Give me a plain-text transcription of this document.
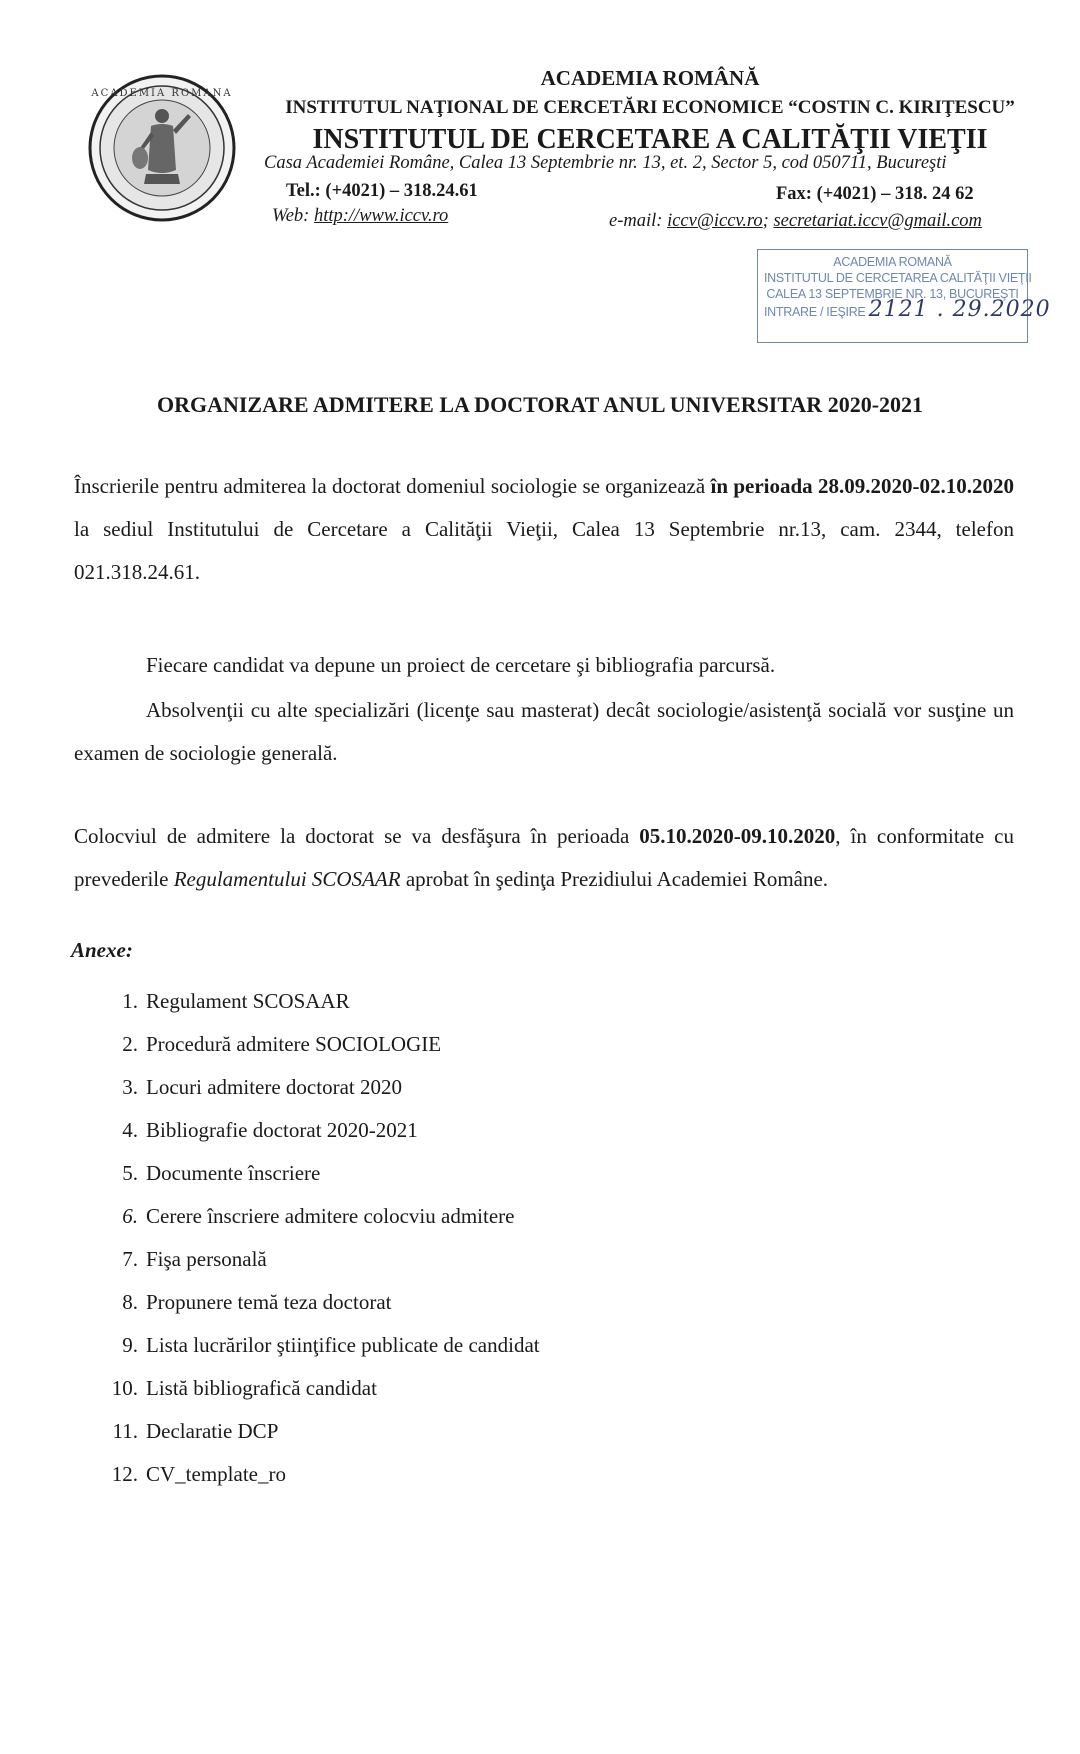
ACADEMIA ROMANA
ACADEMIA ROMÂNĂ
INSTITUTUL NAŢIONAL DE CERCETĂRI ECONOMICE “COSTIN C. KIRIŢESCU”
INSTITUTUL DE CERCETARE A CALITĂŢII VIEŢII
Casa Academiei Române, Calea 13 Septembrie nr. 13, et. 2, Sector 5, cod 050711, Bucureşti
Tel.: (+4021) – 318.24.61	Fax: (+4021) – 318. 24 62
Web: http://www.iccv.ro	e-mail: iccv@iccv.ro; secretariat.iccv@gmail.com
ACADEMIA ROMANĂ
INSTITUTUL DE CERCETAREA CALITĂŢII VIEŢII
CALEA 13 SEPTEMBRIE NR. 13, BUCUREŞTI
INTRARE / IEŞIRE 2121 . 29.2020
ORGANIZARE ADMITERE LA DOCTORAT ANUL UNIVERSITAR 2020-2021
Înscrierile pentru admiterea la doctorat domeniul sociologie se organizează în perioada 28.09.2020-02.10.2020 la sediul Institutului de Cercetare a Calităţii Vieţii, Calea 13 Septembrie nr.13, cam. 2344, telefon 021.318.24.61.
Fiecare candidat va depune un proiect de cercetare şi bibliografia parcursă.
Absolvenţii cu alte specializări (licenţe sau masterat) decât sociologie/asistenţă socială vor susţine un examen de sociologie generală.
Colocviul de admitere la doctorat se va desfăşura în perioada 05.10.2020-09.10.2020, în conformitate cu prevederile Regulamentului SCOSAAR aprobat în şedinţa Prezidiului Academiei Române.
Anexe:
1. Regulament SCOSAAR
2. Procedură admitere SOCIOLOGIE
3. Locuri admitere doctorat 2020
4. Bibliografie doctorat 2020-2021
5. Documente înscriere
6. Cerere înscriere admitere colocviu admitere
7. Fişa personală
8. Propunere temă teza doctorat
9. Lista lucrărilor ştiinţifice publicate de candidat
10. Listă bibliografică candidat
11. Declaratie DCP
12. CV_template_ro
